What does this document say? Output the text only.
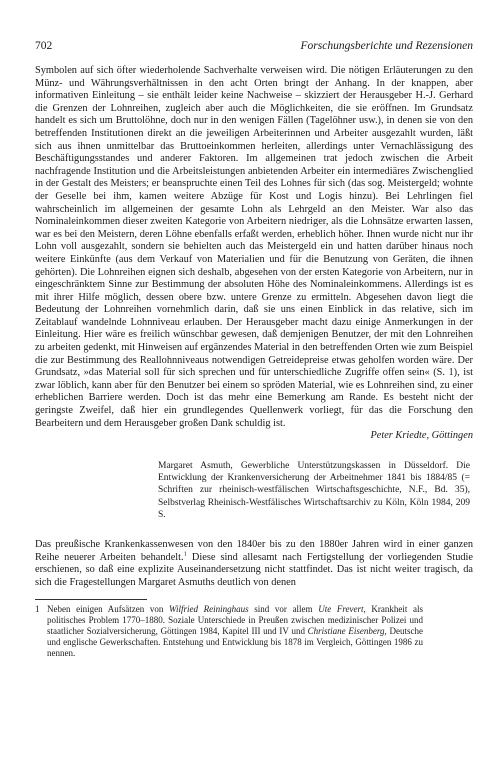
702	Forschungsberichte und Rezensionen

Symbolen auf sich öfter wiederholende Sachverhalte verweisen wird. Die nötigen Erläuterungen zu den Münz- und Währungsverhältnissen in den acht Orten bringt der Anhang. In der knappen, aber informativen Einleitung – sie enthält leider keine Nachweise – skizziert der Herausgeber H.-J. Gerhard die Grenzen der Lohnreihen, zugleich aber auch die Möglichkeiten, die sie eröffnen. Im Grundsatz handelt es sich um Bruttolöhne, doch nur in den wenigen Fällen (Tagelöhner usw.), in denen sie von den betreffenden Institutionen direkt an die jeweiligen Arbeiterinnen und Arbeiter ausgezahlt wurden, läßt sich aus ihnen unmittelbar das Bruttoeinkommen herleiten, allerdings unter Vernachlässigung des Beschäftigungsstandes und anderer Faktoren. Im allgemeinen trat jedoch zwischen die Arbeit nachfragende Institution und die Arbeitsleistungen anbietenden Arbeiter ein intermediäres Zwischenglied in der Gestalt des Meisters; er beanspruchte einen Teil des Lohnes für sich (das sog. Meistergeld; wohnte der Geselle bei ihm, kamen weitere Abzüge für Kost und Logis hinzu). Bei Lehrlingen fiel wahrscheinlich im allgemeinen der gesamte Lohn als Lehrgeld an den Meister. War also das Nominaleinkommen dieser zweiten Kategorie von Arbeitern niedriger, als die Lohnsätze erwarten lassen, war es bei den Meistern, deren Löhne ebenfalls erfaßt werden, erheblich höher. Ihnen wurde nicht nur ihr Lohn voll ausgezahlt, sondern sie behielten auch das Meistergeld ein und hatten darüber hinaus noch weitere Einkünfte (aus dem Verkauf von Materialien und für die Benutzung von Geräten, die ihnen gehörten). Die Lohnreihen eignen sich deshalb, abgesehen von der ersten Kategorie von Arbeitern, nur in eingeschränktem Sinne zur Bestimmung der absoluten Höhe des Nominaleinkommens. Allerdings ist es mit ihrer Hilfe möglich, dessen obere bzw. untere Grenze zu ermitteln. Abgesehen davon liegt die Bedeutung der Lohnreihen vornehmlich darin, daß sie uns einen Einblick in das relative, sich im Zeitablauf wandelnde Lohnniveau erlauben. Der Herausgeber macht dazu einige Anmerkungen in der Einleitung. Hier wäre es freilich wünschbar gewesen, daß demjenigen Benutzer, der mit den Lohnreihen zu arbeiten gedenkt, mit Hinweisen auf ergänzendes Material in den betreffenden Orten wie zum Beispiel die zur Bestimmung des Reallohnniveaus notwendigen Getreidepreise etwas geholfen worden wäre. Der Grundsatz, »das Material soll für sich sprechen und für unterschiedliche Zugriffe offen sein« (S. 1), ist zwar löblich, kann aber für den Benutzer bei einem so spröden Material, wie es Lohnreihen sind, zu einer erheblichen Barriere werden. Doch ist das mehr eine Bemerkung am Rande. Es besteht nicht der geringste Zweifel, daß hier ein grundlegendes Quellenwerk vorliegt, für das die Forschung den Bearbeitern und dem Herausgeber großen Dank schuldig ist.

Peter Kriedte, Göttingen
Margaret Asmuth, Gewerbliche Unterstützungskassen in Düsseldorf. Die Entwicklung der Krankenversicherung der Arbeitnehmer 1841 bis 1884/85 (= Schriften zur rheinisch-westfälischen Wirtschaftsgeschichte, N.F., Bd. 35), Selbstverlag Rheinisch-Westfälisches Wirtschaftsarchiv zu Köln, Köln 1984, 209 S.

Das preußische Krankenkassenwesen von den 1840er bis zu den 1880er Jahren wird in einer ganzen Reihe neuerer Arbeiten behandelt.$^1$ Diese sind allesamt nach Fertigstellung der vorliegenden Studie erschienen, so daß eine explizite Auseinandersetzung nicht stattfindet. Das ist nicht weiter tragisch, da sich die Fragestellungen Margaret Asmuths deutlich von denen

1 Neben einigen Aufsätzen von Wilfried Reininghaus sind vor allem Ute Frevert, Krankheit als politisches Problem 1770–1880. Soziale Unterschiede in Preußen zwischen medizinischer Polizei und staatlicher Sozialversicherung, Göttingen 1984, Kapitel III und IV und Christiane Eisenberg, Deutsche und englische Gewerkschaften. Entstehung und Entwicklung bis 1878 im Vergleich, Göttingen 1986 zu nennen.
